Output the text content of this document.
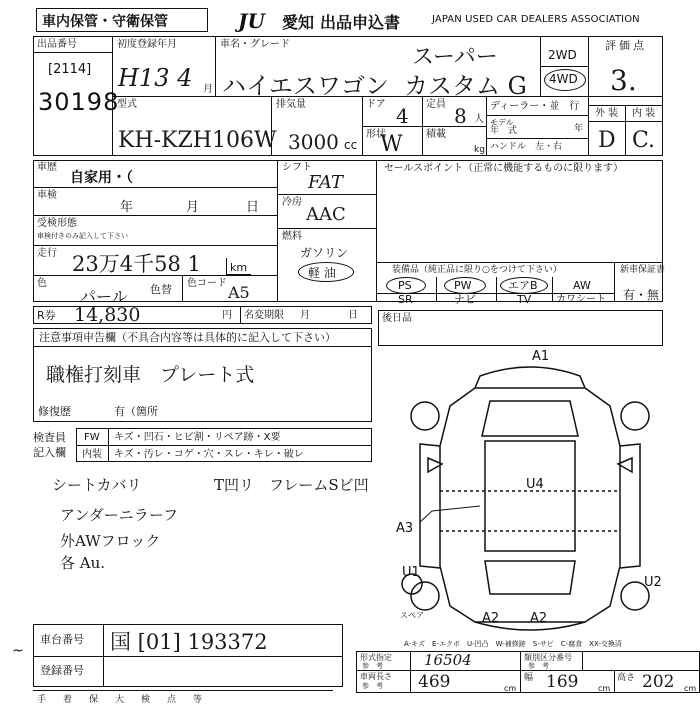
車内保管・守衛保管	JU	愛知 出品申込書	JAPAN USED CAR DEALERS ASSOCIATION
出品番号
[2114]
30198
初度登録年月
H13 4 月
車名・グレード
ハイエスワゴン
スーパー
カスタム G
2WD
4WD
評価点
3.
型式
KH-KZH106W
排気量
3000 cc
ドア 4 定員 8 人
形状
W 積載
kg
ディーラー・並　行
モデル
年　式	年
ハンドル　左・右
外 装 内 装
D C.
車歴
自家用・（
車検
年	月	日
受検形態
車検付きのみ記入して下さい
走行 23万4千58 1	km
色
パール 色替 色コード A5
シフト
FAT
冷房
AAC
燃料
ガソリン
軽 油
セールスポイント（正常に機能するものに限ります）
装備品（純正品に限り○をつけて下さい）
PS	PW	エアB	AW
SR	ナビ	TV カワシート
新車保証書
有・無
R券 14,830	円 名変期限 月	日 後日品
注意事項申告欄（不具合内容等は具体的に記入して下さい）
職権打刻車　プレート式
修復歴	有（箇所
検査員
記入欄
FW キズ・凹石・ヒビ割・リペア跡・X要
内装 キズ・汚レ・コゲ・穴・スレ・キレ・破レ
シートカバリ	T凹リ　フレームSビ凹
アンダーニラーフ
外AWフロック
各 Au.
A1
U4
A3
U1
U2
A2 A2
スペア
A-キズ　E-エクボ　U-凹凸　W-補修跡　S-サビ　C-腐食　XX-交換済
~
車台番号 国 [01] 193372
登録番号
形式指定
参　考	16504	類別区分番号
参　考
車両長さ
参　考 469	cm
幅 169 cm
高さ 202 cm
手 着 保 大 検 点 等
